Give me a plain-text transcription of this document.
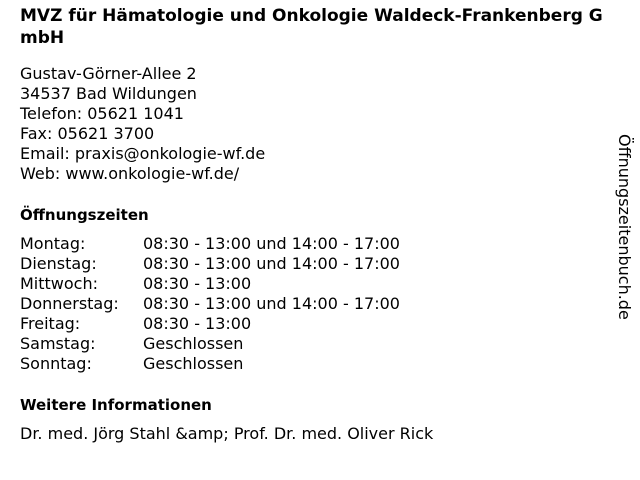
MVZ für Hämatologie und Onkologie Waldeck-Frankenberg GmbH
Gustav-Görner-Allee 2
34537 Bad Wildungen
Telefon: 05621 1041
Fax: 05621 3700
Email: praxis@onkologie-wf.de
Web: www.onkologie-wf.de/
Öffnungszeiten
Montag:	08:30 - 13:00 und 14:00 - 17:00
Dienstag:	08:30 - 13:00 und 14:00 - 17:00
Mittwoch:	08:30 - 13:00
Donnerstag:	08:30 - 13:00 und 14:00 - 17:00
Freitag:	08:30 - 13:00
Samstag:	Geschlossen
Sonntag:	Geschlossen
Weitere Informationen
Dr. med. Jörg Stahl &amp; Prof. Dr. med. Oliver Rick
Öffnungszeitenbuch.de
